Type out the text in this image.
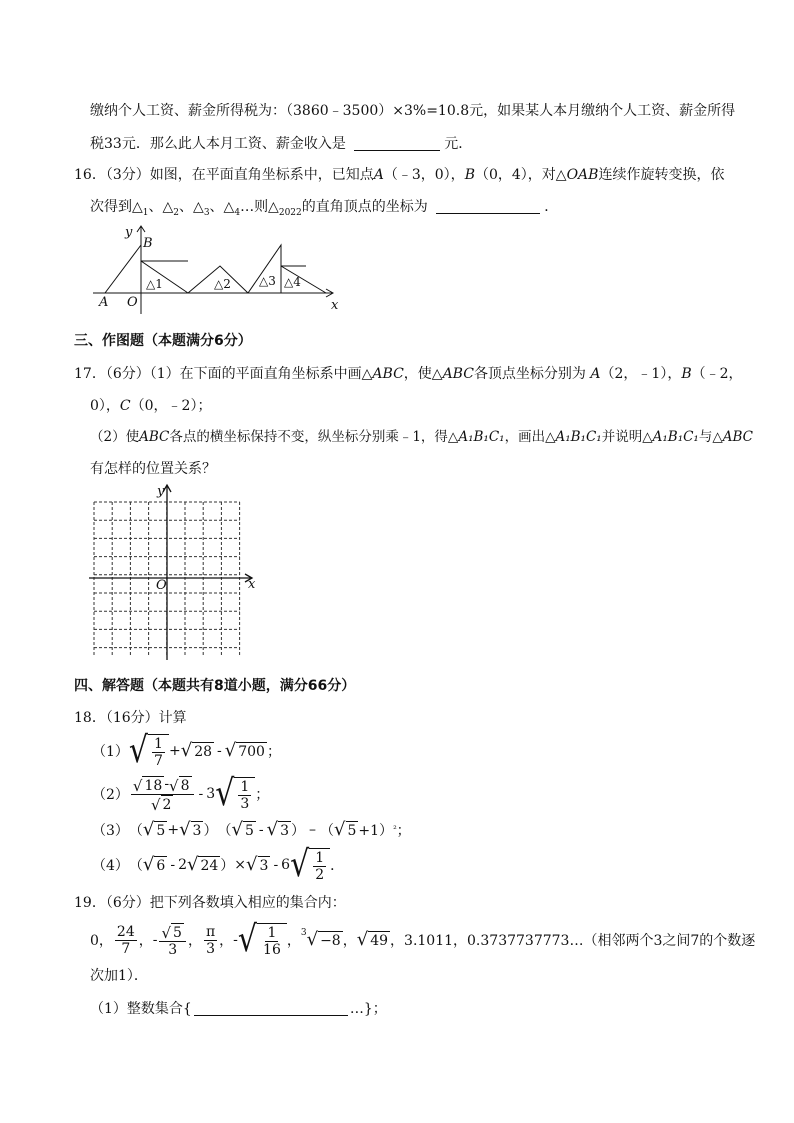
缴纳个人工资、薪金所得税为：（3860﹣3500）×3%=10.8元，如果某人本月缴纳个人工资、薪金所得
税33元．那么此人本月工资、薪金收入是	元．
16．（3分）如图，在平面直角坐标系中，已知点A（﹣3，0），B（0，4），对△OAB连续作旋转变换，依
次得到$\triangle_1$、$\triangle_2$、$\triangle_3$、$\triangle_4\dots$则$\triangle_{2022}$的直角顶点的坐标为	．
y
B
A O	x
△1	△2 △3 △4
三、作图题（本题满分6分）
17．（6分）（1）在下面的平面直角坐标系中画△ABC，使△ABC各顶点坐标分别为 A（2，﹣1），B（﹣2，
0），C（0，﹣2）；
（2）使ABC各点的横坐标保持不变，纵坐标分别乘﹣1，得△A₁B₁C₁，画出△A₁B₁C₁并说明△A₁B₁C₁与△ABC
有怎样的位置关系？
y
x
O
四、解答题（本题共有8道小题，满分66分）
18．（16分）计算
（1） √ $\frac{1}{7}$ + √ 28 - √ 700 ；
$(2) \frac{√ 18 - √ 8}{√ 2} - 3$ √ $\frac{1}{3}$ ；
（3） （ √ 5 + √ 3 ） （ √ 5 - √ 3 ） – （ √ 5 +1） ² ；
（4） （ √ 6 - 2 √ 24 ） × √ 3 - 6 √ $\frac{1}{2}$ ．
19．（6分）把下列各数填入相应的集合内：
0， $\frac{24}{7}$ ， - $\frac{√ 5}{3}$ ， $\frac{\pi}{3}$ ， - √ $\frac{1}{16}$ ， 3 √ −8 ， √ 49 ，3.1011，0.3737737773…（相邻两个3之间7的个数逐
次加1）．
（1）整数集合{	…}；
